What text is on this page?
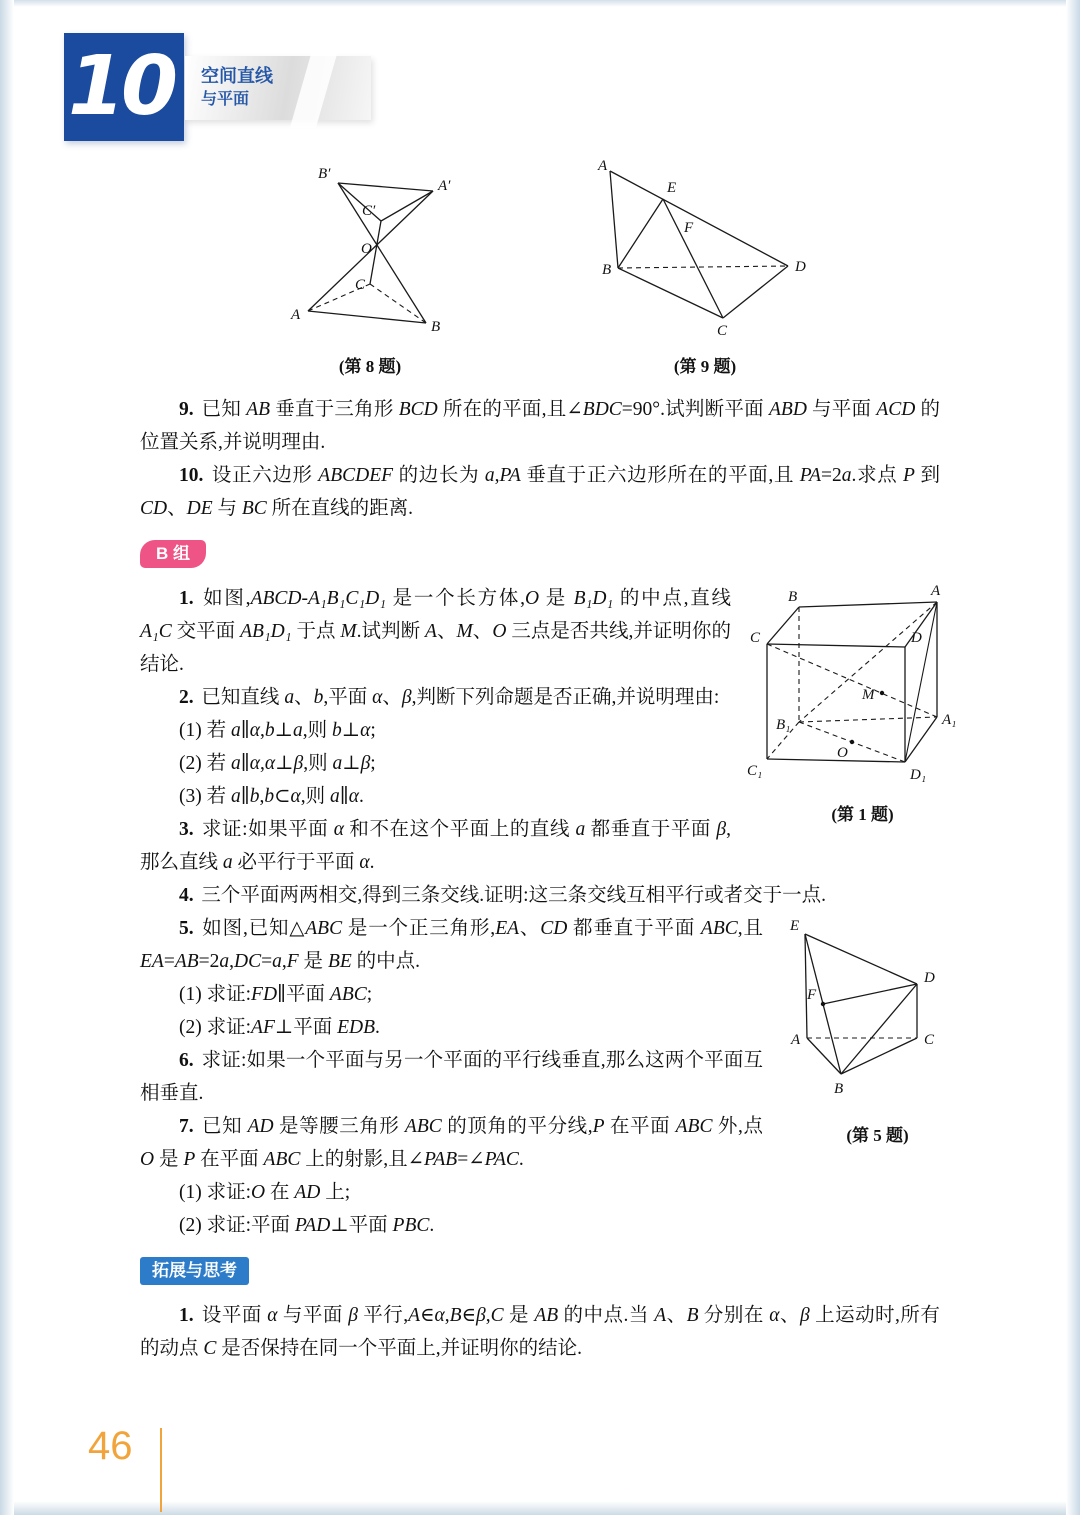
10	空间直线
与平面
B′
A′
C′
O
C
A
B
(第 8 题)
A
E
F
B	D
C
(第 9 题)

9. 已知 AB 垂直于三角形 BCD 所在的平面,且∠BDC=90°.试判断平面 ABD 与平面 ACD 的位置关系,并说明理由.

10. 设正六边形 ABCDEF 的边长为 a,PA 垂直于正六边形所在的平面,且 PA=2a.求点 P 到 CD、DE 与 BC 所在直线的距离.

B 组
B	A
C	D
B₁	A₁
C₁	D₁
M
O
(第 1 题)

1. 如图,ABCD-A₁B₁C₁D₁ 是一个长方体,O 是 B₁D₁ 的中点,直线 A₁C 交平面 AB₁D₁ 于点 M.试判断 A、M、O 三点是否共线,并证明你的结论.

2. 已知直线 a、b,平面 α、β,判断下列命题是否正确,并说明理由:

(1) 若 a∥α,b⊥a,则 b⊥α;

(2) 若 a∥α,α⊥β,则 a⊥β;

(3) 若 a∥b,b⊂α,则 a∥α.

3. 求证:如果平面 α 和不在这个平面上的直线 a 都垂直于平面 β,那么直线 a 必平行于平面 α.

4. 三个平面两两相交,得到三条交线.证明:这三条交线互相平行或者交于一点.

E
D
F
A	C
B
(第 5 题)

5. 如图,已知△ABC 是一个正三角形,EA、CD 都垂直于平面 ABC,且 EA=AB=2a,DC=a,F 是 BE 的中点.

(1) 求证:FD∥平面 ABC;

(2) 求证:AF⊥平面 EDB.

6. 求证:如果一个平面与另一个平面的平行线垂直,那么这两个平面互相垂直.

7. 已知 AD 是等腰三角形 ABC 的顶角的平分线,P 在平面 ABC 外,点 O 是 P 在平面 ABC 上的射影,且∠PAB=∠PAC.

(1) 求证:O 在 AD 上;

(2) 求证:平面 PAD⊥平面 PBC.

拓展与思考

1. 设平面 α 与平面 β 平行,A∈α,B∈β,C 是 AB 的中点.当 A、B 分别在 α、β 上运动时,所有的动点 C 是否保持在同一个平面上,并证明你的结论.

46
